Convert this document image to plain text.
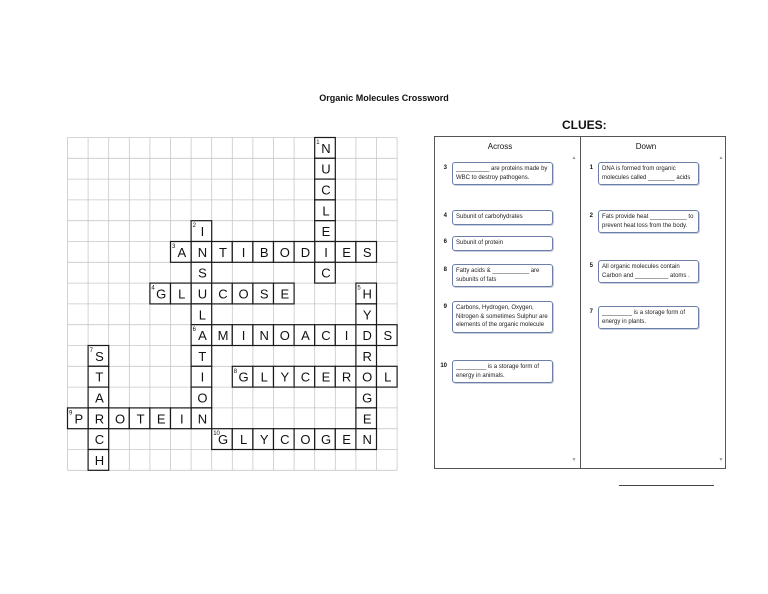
Organic Molecules Crossword
N
U
C
L
E
I
C
I
N
S
U
L
A
T
I
O
N
A	T I B O D E S
G L	C O S E	H
Y
D
R
O
G
E
N
M I N O A C I	S
S
T
A
R
C
H
G L Y C E R	L
P O T E I
G L Y C O G E
1
2
3
4	5
6
7
8
9
10
CLUES:
Across	Down
▲
▼
▲
▼
3	__________ are proteins made by WBC to destroy pathogens.
4	Subunit of carbohydrates
6	Subunit of protein
8	Fatty acids & ___________ are subunits of fats
9	Carbons, Hydrogen, Oxygen, Nitrogen & sometimes Sulphur are elements of the organic molecule
10	_________ is a storage form of energy in animals.
1	DNA is formed from organic molecules called ________ acids
2	Fats provide heat ___________ to prevent heat loss from the body.
5	All organic molecules contain Carbon and __________ atoms .
7	_________ is a storage form of energy in plants.
